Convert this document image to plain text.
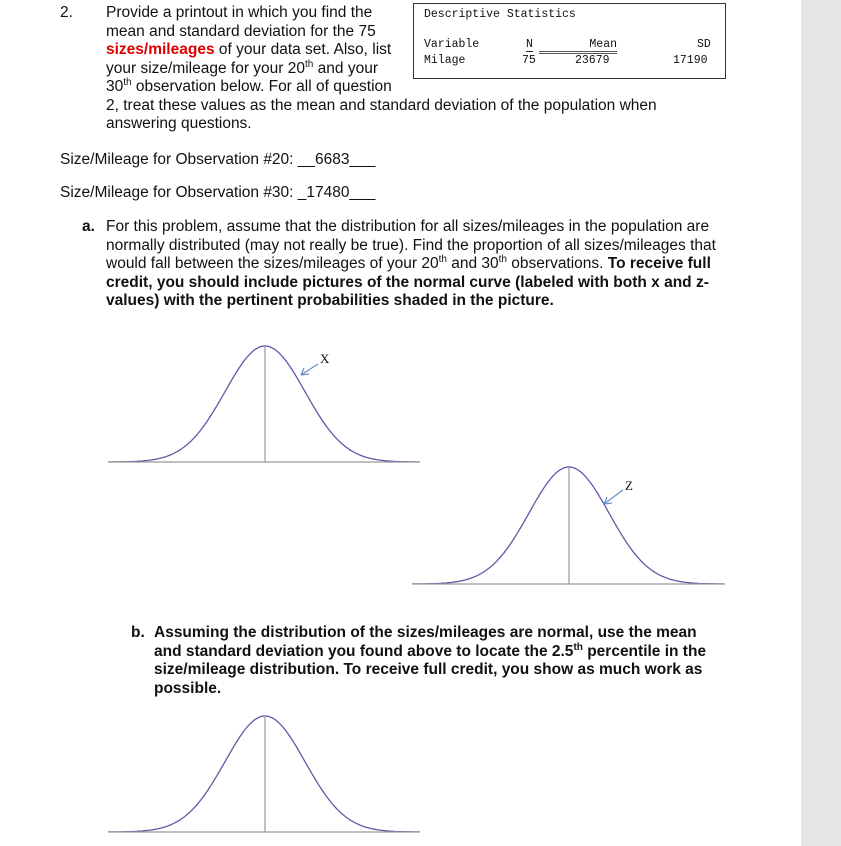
2. Provide a printout in which you find the
mean and standard deviation for the 75
sizes/mileages of your data set. Also, list
your size/mileage for your 20th and your
30th observation below. For all of question
2, treat these values as the mean and standard deviation of the population when
answering questions.
Descriptive Statistics
Variable	N	Mean	SD
Milage	75	23679	17190
Size/Mileage for Observation #20: __6683___
Size/Mileage for Observation #30: _17480___
a. For this problem, assume that the distribution for all sizes/mileages in the population are
normally distributed (may not really be true). Find the proportion of all sizes/mileages that
would fall between the sizes/mileages of your 20th and 30th observations. To receive full
credit, you should include pictures of the normal curve (labeled with both x and z-
values) with the pertinent probabilities shaded in the picture.
X
Z
b. Assuming the distribution of the sizes/mileages are normal, use the mean
and standard deviation you found above to locate the 2.5th percentile in the
size/mileage distribution. To receive full credit, you show as much work as
possible.
